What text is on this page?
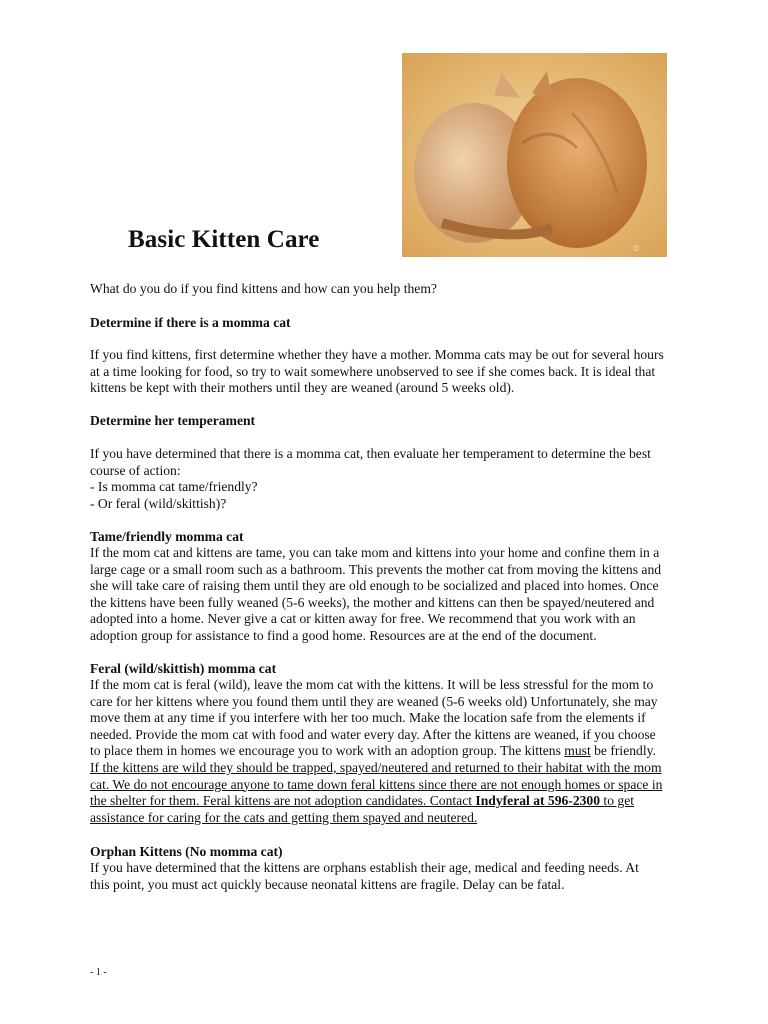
©
Basic Kitten Care

What do you do if you find kittens and how can you help them?

Determine if there is a momma cat

If you find kittens, first determine whether they have a mother. Momma cats may be out for several hours
at a time looking for food, so try to wait somewhere unobserved to see if she comes back. It is ideal that
kittens be kept with their mothers until they are weaned (around 5 weeks old).

Determine her temperament

If you have determined that there is a momma cat, then evaluate her temperament to determine the best
course of action:
- Is momma cat tame/friendly?
- Or feral (wild/skittish)?

Tame/friendly momma cat

If the mom cat and kittens are tame, you can take mom and kittens into your home and confine them in a
large cage or a small room such as a bathroom. This prevents the mother cat from moving the kittens and
she will take care of raising them until they are old enough to be socialized and placed into homes. Once
the kittens have been fully weaned (5-6 weeks), the mother and kittens can then be spayed/neutered and
adopted into a home. Never give a cat or kitten away for free. We recommend that you work with an
adoption group for assistance to find a good home. Resources are at the end of the document.

Feral (wild/skittish) momma cat

If the mom cat is feral (wild), leave the mom cat with the kittens. It will be less stressful for the mom to
care for her kittens where you found them until they are weaned (5-6 weeks old) Unfortunately, she may
move them at any time if you interfere with her too much. Make the location safe from the elements if
needed. Provide the mom cat with food and water every day. After the kittens are weaned, if you choose
to place them in homes we encourage you to work with an adoption group. The kittens must be friendly.
If the kittens are wild they should be trapped, spayed/neutered and returned to their habitat with the mom
cat. We do not encourage anyone to tame down feral kittens since there are not enough homes or space in
the shelter for them. Feral kittens are not adoption candidates. Contact Indyferal at 596-2300 to get
assistance for caring for the cats and getting them spayed and neutered.

Orphan Kittens (No momma cat)

If you have determined that the kittens are orphans establish their age, medical and feeding needs. At
this point, you must act quickly because neonatal kittens are fragile. Delay can be fatal.

- 1 -
